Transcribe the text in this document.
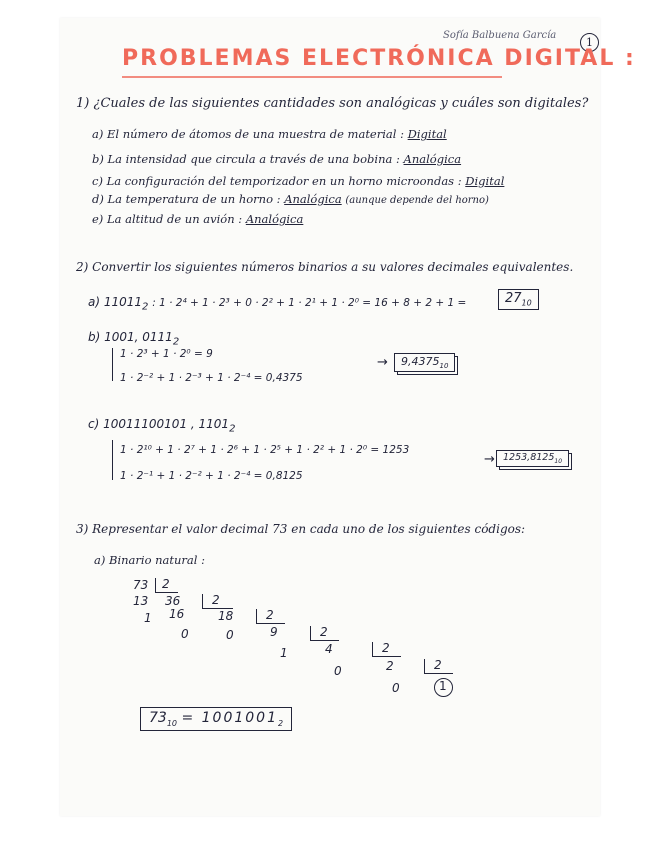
Sofía Balbuena García
1
PROBLEMAS ELECTRÓNICA DIGITAL :
1) ¿Cuales de las siguientes cantidades son analógicas y cuáles son digitales?
a) El número de átomos de una muestra de material : Digital
b) La intensidad que circula a través de una bobina : Analógica
c) La configuración del temporizador en un horno microondas : Digital
d) La temperatura de un horno : Analógica (aunque depende del horno)
e) La altitud de un avión : Analógica
2) Convertir los siguientes números binarios a su valores decimales equivalentes.
a) $11011_2$ : 1 · 2⁴ + 1 · 2³ + 0 · 2² + 1 · 2¹ + 1 · 2⁰ = 16 + 8 + 2 + 1 =	$27_{10}$
b) 1001, $0111_2$
1 · 2³ + 1 · 2⁰ = 9
1 · 2⁻² + 1 · 2⁻³ + 1 · 2⁻⁴ = 0,4375
→	$9,4375_{10}$
c) 10011100101 , $1101_2$
1 · 2¹⁰ + 1 · 2⁷ + 1 · 2⁶ + 1 · 2⁵ + 1 · 2² + 1 · 2⁰ = 1253
1 · 2⁻¹ + 1 · 2⁻² + 1 · 2⁻⁴ = 0,8125
→ $1253,8125_{10}$
3) Representar el valor decimal 73 en cada uno de los siguientes códigos:
a) Binario natural :
73 2
13 36	2
1 16	18	2
0	0	9	2
1	4	2
0	2	2
0	1
$73_{10} = 1001001_2$
